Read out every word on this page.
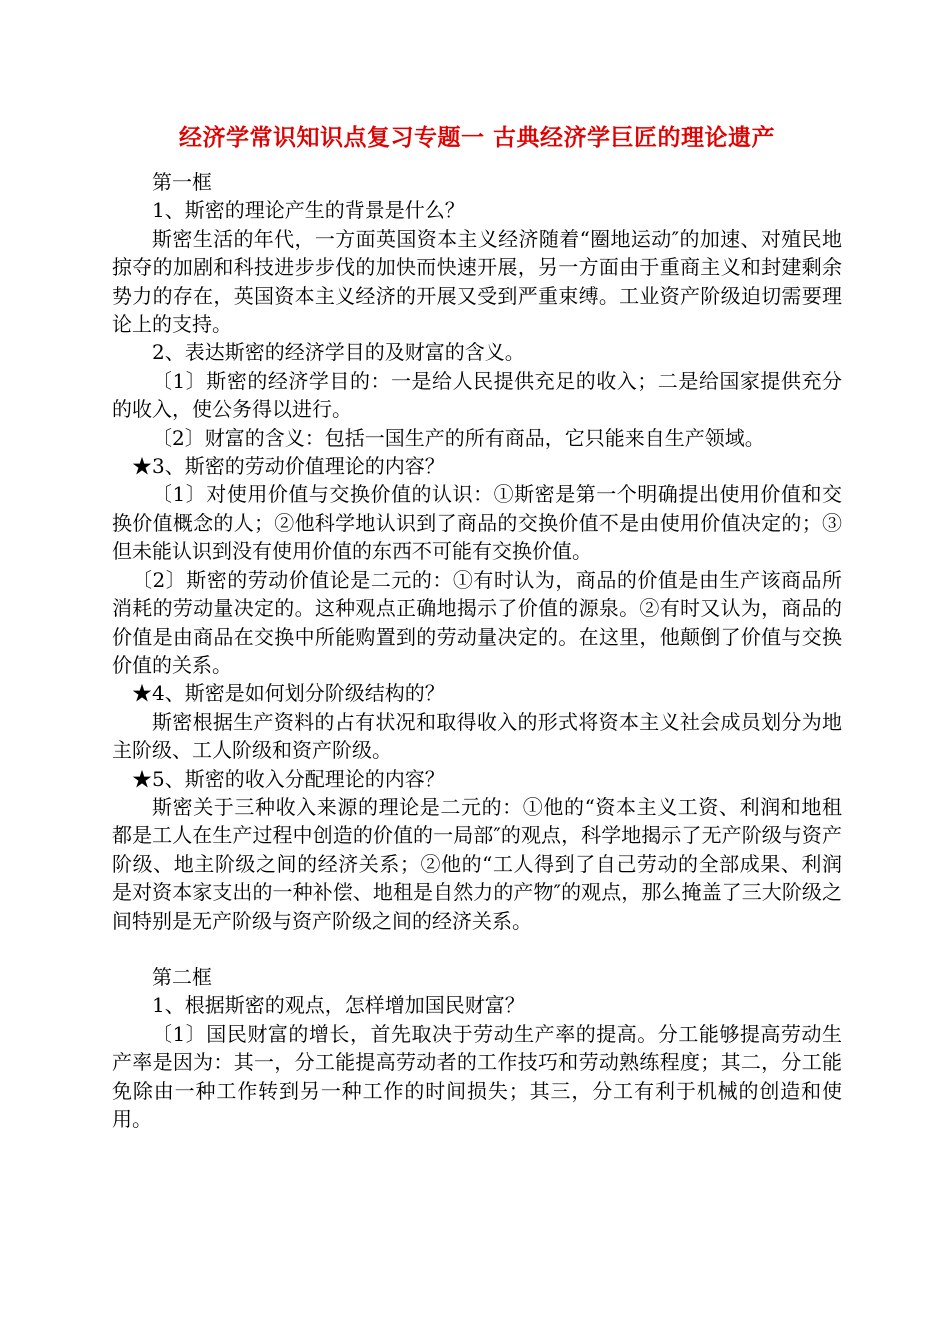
经济学常识知识点复习专题一 古典经济学巨匠的理论遗产

第一框

1、斯密的理论产生的背景是什么？

斯密生活的年代，一方面英国资本主义经济随着“圈地运动″的加速、对殖民地掠夺的加剧和科技进步步伐的加快而快速开展，另一方面由于重商主义和封建剩余势力的存在，英国资本主义经济的开展又受到严重束缚。工业资产阶级迫切需要理论上的支持。

2、表达斯密的经济学目的及财富的含义。

〔1〕斯密的经济学目的：一是给人民提供充足的收入；二是给国家提供充分的收入，使公务得以进行。

〔2〕财富的含义：包括一国生产的所有商品，它只能来自生产领域。

★3、斯密的劳动价值理论的内容？

〔1〕对使用价值与交换价值的认识：①斯密是第一个明确提出使用价值和交换价值概念的人；②他科学地认识到了商品的交换价值不是由使用价值决定的；③但未能认识到没有使用价值的东西不可能有交换价值。

〔2〕斯密的劳动价值论是二元的：①有时认为，商品的价值是由生产该商品所消耗的劳动量决定的。这种观点正确地揭示了价值的源泉。②有时又认为，商品的价值是由商品在交换中所能购置到的劳动量决定的。在这里，他颠倒了价值与交换价值的关系。

★4、斯密是如何划分阶级结构的？

斯密根据生产资料的占有状况和取得收入的形式将资本主义社会成员划分为地主阶级、工人阶级和资产阶级。

★5、斯密的收入分配理论的内容？

斯密关于三种收入来源的理论是二元的：①他的“资本主义工资、利润和地租都是工人在生产过程中创造的价值的一局部″的观点，科学地揭示了无产阶级与资产阶级、地主阶级之间的经济关系；②他的“工人得到了自己劳动的全部成果、利润是对资本家支出的一种补偿、地租是自然力的产物″的观点，那么掩盖了三大阶级之间特别是无产阶级与资产阶级之间的经济关系。

第二框

1、根据斯密的观点，怎样增加国民财富？

〔1〕国民财富的增长，首先取决于劳动生产率的提高。分工能够提高劳动生产率是因为：其一，分工能提高劳动者的工作技巧和劳动熟练程度；其二，分工能免除由一种工作转到另一种工作的时间损失；其三，分工有利于机械的创造和使用。
